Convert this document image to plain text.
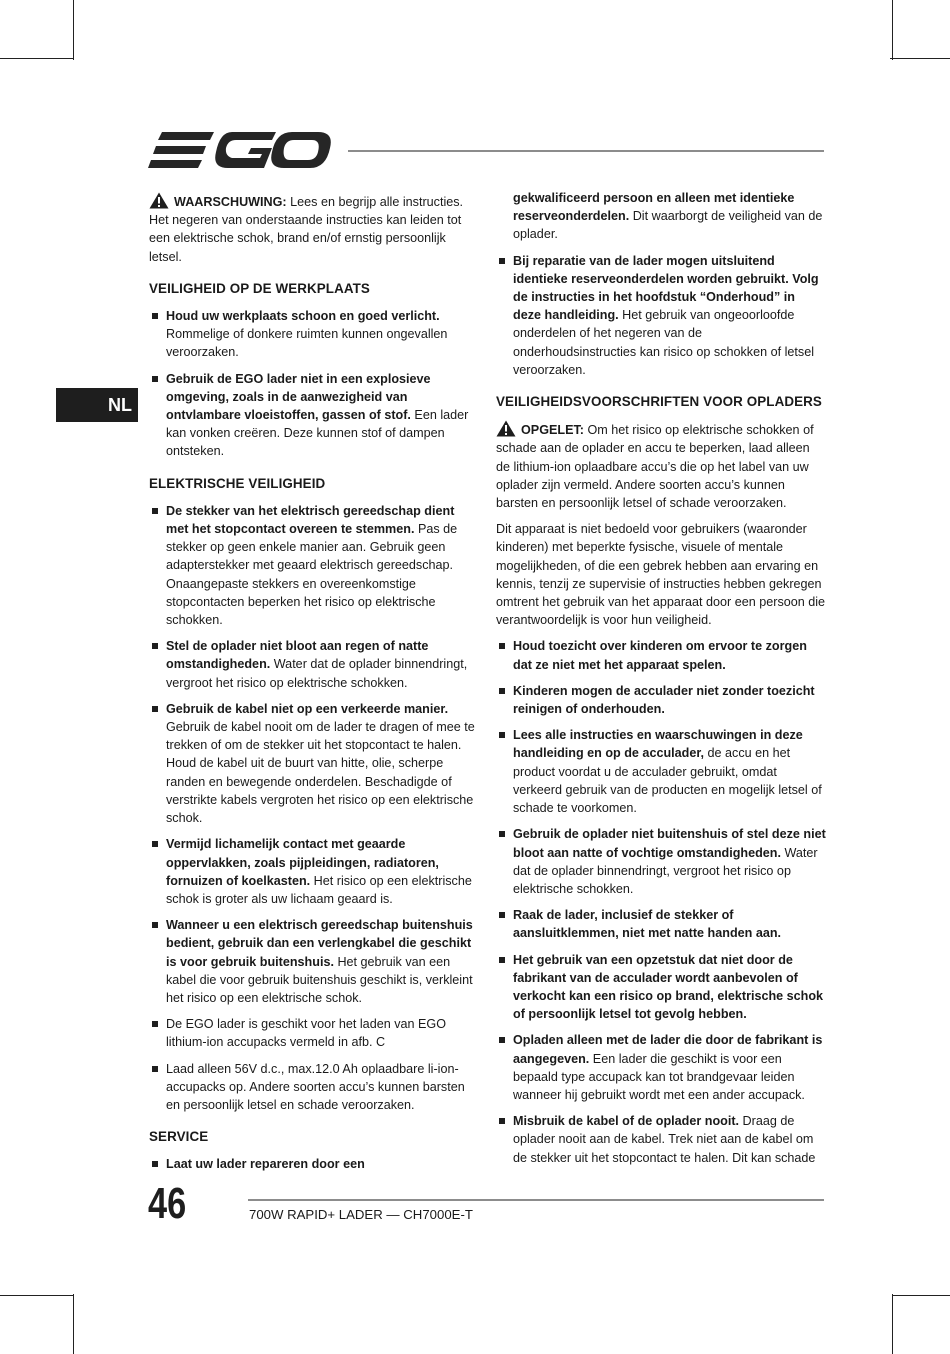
NL

WAARSCHUWING: Lees en begrijp alle instructies. Het negeren van onderstaande instructies kan leiden tot een elektrische schok, brand en/of ernstig persoonlijk letsel.

VEILIGHEID OP DE WERKPLAATS
Houd uw werkplaats schoon en goed verlicht. Rommelige of donkere ruimten kunnen ongevallen veroorzaken.
Gebruik de EGO lader niet in een explosieve omgeving, zoals in de aanwezigheid van ontvlambare vloeistoffen, gassen of stof. Een lader kan vonken creëren. Deze kunnen stof of dampen ontsteken.
ELEKTRISCHE VEILIGHEID
De stekker van het elektrisch gereedschap dient met het stopcontact overeen te stemmen. Pas de stekker op geen enkele manier aan. Gebruik geen adapterstekker met geaard elektrisch gereedschap. Onaangepaste stekkers en overeenkomstige stopcontacten beperken het risico op elektrische schokken.
Stel de oplader niet bloot aan regen of natte omstandigheden. Water dat de oplader binnendringt, vergroot het risico op elektrische schokken.
Gebruik de kabel niet op een verkeerde manier. Gebruik de kabel nooit om de lader te dragen of mee te trekken of om de stekker uit het stopcontact te halen. Houd de kabel uit de buurt van hitte, olie, scherpe randen en bewegende onderdelen. Beschadigde of verstrikte kabels vergroten het risico op een elektrische schok.
Vermijd lichamelijk contact met geaarde oppervlakken, zoals pijpleidingen, radiatoren, fornuizen of koelkasten. Het risico op een elektrische schok is groter als uw lichaam geaard is.
Wanneer u een elektrisch gereedschap buitenshuis bedient, gebruik dan een verlengkabel die geschikt is voor gebruik buitenshuis. Het gebruik van een kabel die voor gebruik buitenshuis geschikt is, verkleint het risico op een elektrische schok.
De EGO lader is geschikt voor het laden van EGO lithium-ion accupacks vermeld in afb. C
Laad alleen 56V d.c., max.12.0 Ah oplaadbare li-ion-accupacks op. Andere soorten accu’s kunnen barsten en persoonlijk letsel en schade veroorzaken.
SERVICE
Laat uw lader repareren door een

gekwalificeerd persoon en alleen met identieke reserveonderdelen. Dit waarborgt de veiligheid van de oplader.

Bij reparatie van de lader mogen uitsluitend identieke reserveonderdelen worden gebruikt. Volg de instructies in het hoofdstuk “Onderhoud” in deze handleiding. Het gebruik van ongeoorloofde onderdelen of het negeren van de onderhoudsinstructies kan risico op schokken of letsel veroorzaken.
VEILIGHEIDSVOORSCHRIFTEN VOOR OPLADERS

OPGELET: Om het risico op elektrische schokken of schade aan de oplader en accu te beperken, laad alleen de lithium-ion oplaadbare accu’s die op het label van uw oplader zijn vermeld. Andere soorten accu’s kunnen barsten en persoonlijk letsel of schade veroorzaken.

Dit apparaat is niet bedoeld voor gebruikers (waaronder kinderen) met beperkte fysische, visuele of mentale mogelijkheden, of die een gebrek hebben aan ervaring en kennis, tenzij ze supervisie of instructies hebben gekregen omtrent het gebruik van het apparaat door een persoon die verantwoordelijk is voor hun veiligheid.

Houd toezicht over kinderen om ervoor te zorgen dat ze niet met het apparaat spelen.
Kinderen mogen de acculader niet zonder toezicht reinigen of onderhouden.
Lees alle instructies en waarschuwingen in deze handleiding en op de acculader, de accu en het product voordat u de acculader gebruikt, omdat verkeerd gebruik van de producten en mogelijk letsel of schade te voorkomen.
Gebruik de oplader niet buitenshuis of stel deze niet bloot aan natte of vochtige omstandigheden. Water dat de oplader binnendringt, vergroot het risico op elektrische schokken.
Raak de lader, inclusief de stekker of aansluitklemmen, niet met natte handen aan.
Het gebruik van een opzetstuk dat niet door de fabrikant van de acculader wordt aanbevolen of verkocht kan een risico op brand, elektrische schok of persoonlijk letsel tot gevolg hebben.
Opladen alleen met de lader die door de fabrikant is aangegeven. Een lader die geschikt is voor een bepaald type accupack kan tot brandgevaar leiden wanneer hij gebruikt wordt met een ander accupack.
Misbruik de kabel of de oplader nooit. Draag de oplader nooit aan de kabel. Trek niet aan de kabel om de stekker uit het stopcontact te halen. Dit kan schade
46	700W RAPID+ LADER — CH7000E-T
